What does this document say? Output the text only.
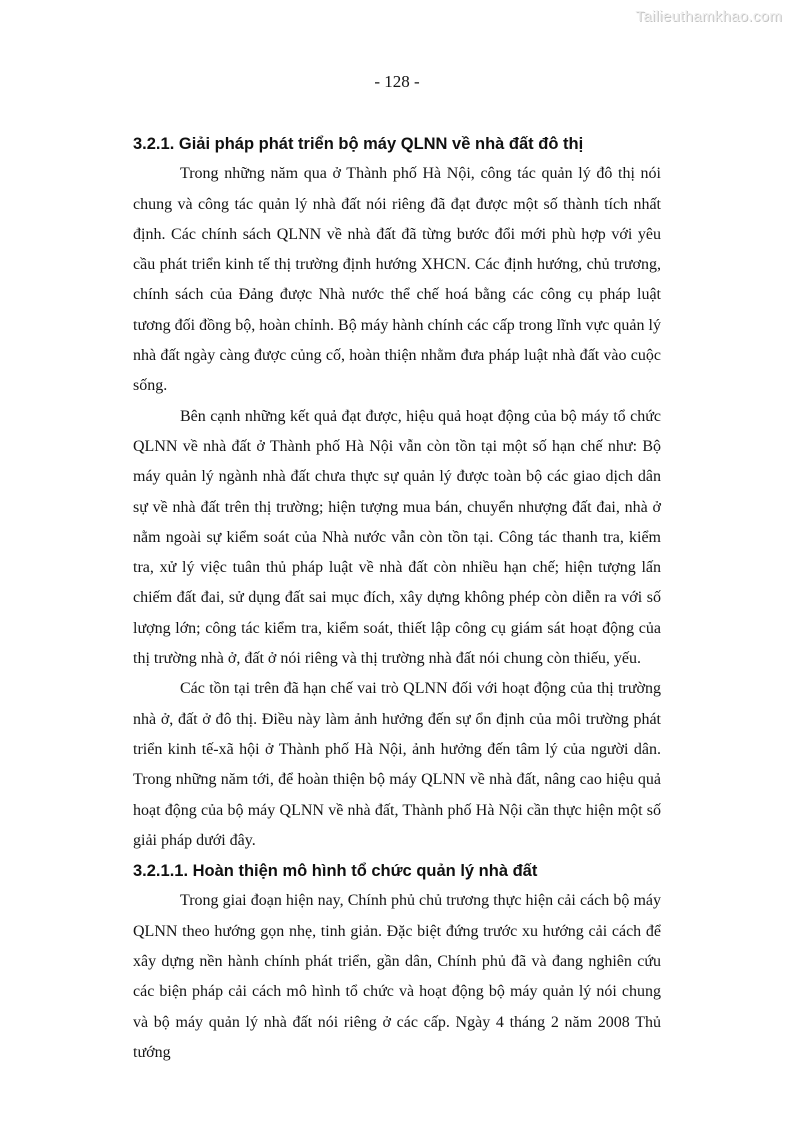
Tailieuthamkhao.com
- 128 -
3.2.1. Giải pháp phát triển bộ máy QLNN về nhà đất đô thị

Trong những năm qua ở Thành phố Hà Nội, công tác quản lý đô thị nói chung và công tác quản lý nhà đất nói riêng đã đạt được một số thành tích nhất định. Các chính sách QLNN về nhà đất đã từng bước đổi mới phù hợp với yêu cầu phát triển kinh tế thị trường định hướng XHCN. Các định hướng, chủ trương, chính sách của Đảng được Nhà nước thể chế hoá bằng các công cụ pháp luật tương đối đồng bộ, hoàn chỉnh. Bộ máy hành chính các cấp trong lĩnh vực quản lý nhà đất ngày càng được củng cố, hoàn thiện nhằm đưa pháp luật nhà đất vào cuộc sống.

Bên cạnh những kết quả đạt được, hiệu quả hoạt động của bộ máy tổ chức QLNN về nhà đất ở Thành phố Hà Nội vẫn còn tồn tại một số hạn chế như: Bộ máy quản lý ngành nhà đất chưa thực sự quản lý được toàn bộ các giao dịch dân sự về nhà đất trên thị trường; hiện tượng mua bán, chuyển nhượng đất đai, nhà ở nằm ngoài sự kiểm soát của Nhà nước vẫn còn tồn tại. Công tác thanh tra, kiểm tra, xử lý việc tuân thủ pháp luật về nhà đất còn nhiều hạn chế; hiện tượng lấn chiếm đất đai, sử dụng đất sai mục đích, xây dựng không phép còn diễn ra với số lượng lớn; công tác kiểm tra, kiểm soát, thiết lập công cụ giám sát hoạt động của thị trường nhà ở, đất ở nói riêng và thị trường nhà đất nói chung còn thiếu, yếu.

Các tồn tại trên đã hạn chế vai trò QLNN đối với hoạt động của thị trường nhà ở, đất ở đô thị. Điều này làm ảnh hưởng đến sự ổn định của môi trường phát triển kinh tế-xã hội ở Thành phố Hà Nội, ảnh hưởng đến tâm lý của người dân. Trong những năm tới, để hoàn thiện bộ máy QLNN về nhà đất, nâng cao hiệu quả hoạt động của bộ máy QLNN về nhà đất, Thành phố Hà Nội cần thực hiện một số giải pháp dưới đây.

3.2.1.1. Hoàn thiện mô hình tổ chức quản lý nhà đất

Trong giai đoạn hiện nay, Chính phủ chủ trương thực hiện cải cách bộ máy QLNN theo hướng gọn nhẹ, tinh giản. Đặc biệt đứng trước xu hướng cải cách để xây dựng nền hành chính phát triển, gần dân, Chính phủ đã và đang nghiên cứu các biện pháp cải cách mô hình tổ chức và hoạt động bộ máy quản lý nói chung và bộ máy quản lý nhà đất nói riêng ở các cấp. Ngày 4 tháng 2 năm 2008 Thủ tướng
